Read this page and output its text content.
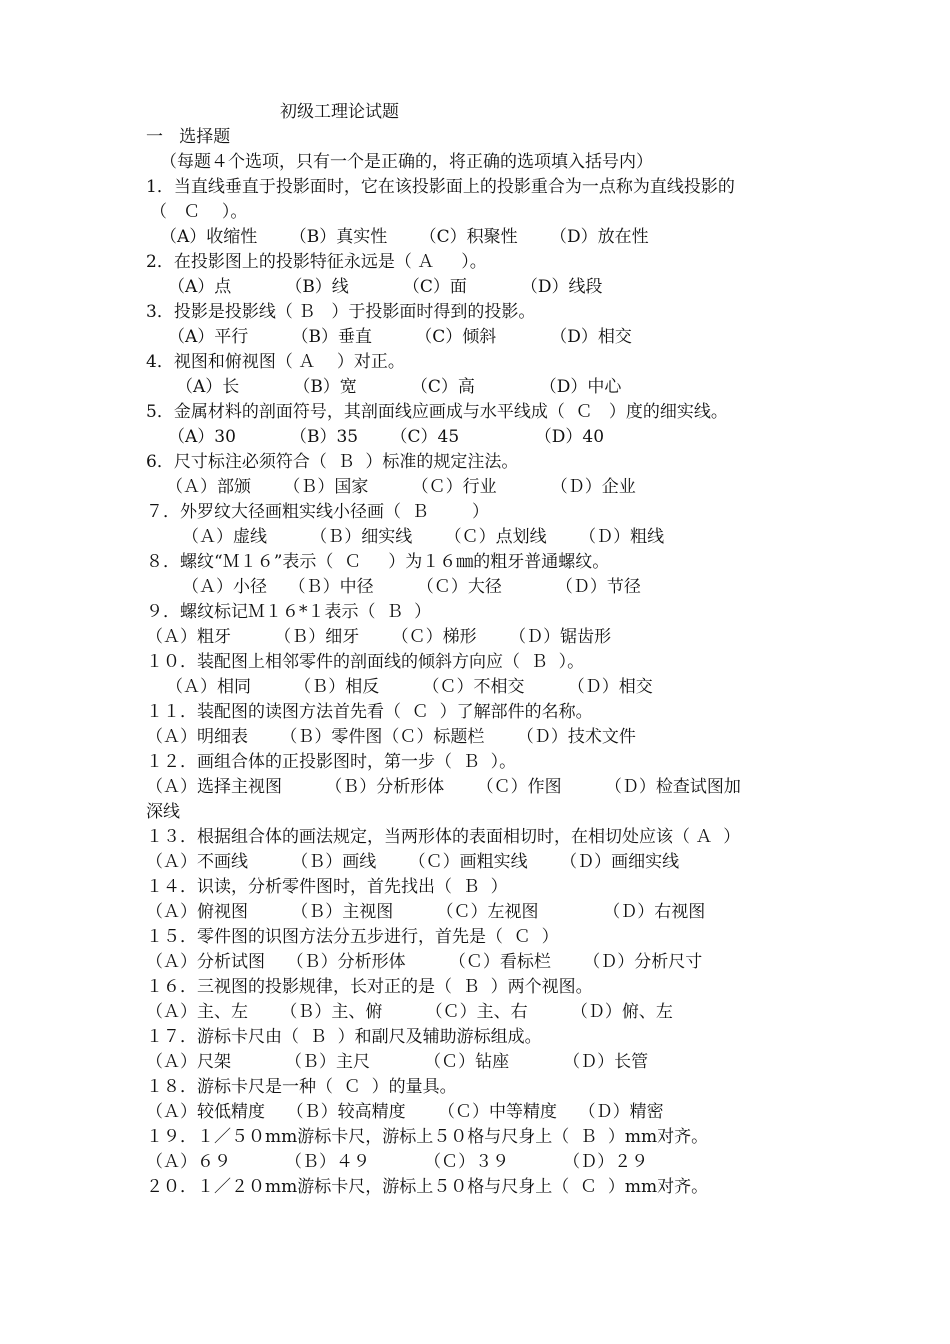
初级工理论试题
一   选择题
（每题４个选项，只有一个是正确的，将正确的选项填入括号内）
1．当直线垂直于投影面时，它在该投影面上的投影重合为一点称为直线投影的
（   Ｃ    ）。
（A）收缩性      （B）真实性      （C）积聚性      （D）放在性
2．在投影图上的投影特征永远是（ Ａ     ）。
（A）点          （B）线          （C）面          （D）线段
3．投影是投影线（ Ｂ   ）于投影面时得到的投影。
（A）平行        （B）垂直        （C）倾斜          （D）相交
4．视图和俯视图（ Ａ    ）对正。
（A）长          （B）宽          （C）高            （D）中心
5．金属材料的剖面符号，其剖面线应画成与水平线成（  Ｃ   ）度的细实线。
（A）30          （B）35      （C）45              （D）40
6．尺寸标注必须符合（  Ｂ  ）标准的规定注法。
（Ａ）部颁      （Ｂ）国家        （Ｃ）行业          （Ｄ）企业
７．外罗纹大径画粗实线小径画（  Ｂ        ）
（Ａ）虚线        （Ｂ）细实线      （Ｃ）点划线      （Ｄ）粗线
８．螺纹“Ｍ１６”表示（  Ｃ     ）为１６㎜的粗牙普通螺纹。
（Ａ）小径    （Ｂ）中径        （Ｃ）大径          （Ｄ）节径
９．螺纹标记Ｍ１６*１表示（  Ｂ  ）
（Ａ）粗牙        （Ｂ）细牙      （Ｃ）梯形      （Ｄ）锯齿形
１０．装配图上相邻零件的剖面线的倾斜方向应（  Ｂ  ）。
（Ａ）相同        （Ｂ）相反        （Ｃ）不相交        （Ｄ）相交
１１．装配图的读图方法首先看（  Ｃ  ）了解部件的名称。
（Ａ）明细表      （Ｂ）零件图（Ｃ）标题栏      （Ｄ）技术文件
１２．画组合体的正投影图时，第一步（  Ｂ  ）。
（Ａ）选择主视图        （Ｂ）分析形体      （Ｃ）作图        （Ｄ）检查试图加
深线
１３．根据组合体的画法规定，当两形体的表面相切时，在相切处应该（ Ａ  ）
（Ａ）不画线        （Ｂ）画线      （Ｃ）画粗实线      （Ｄ）画细实线
１４．识读，分析零件图时，首先找出（  Ｂ  ）
（Ａ）俯视图        （Ｂ）主视图        （Ｃ）左视图            （Ｄ）右视图
１５．零件图的识图方法分五步进行，首先是（  Ｃ  ）
（Ａ）分析试图    （Ｂ）分析形体        （Ｃ）看标栏      （Ｄ）分析尺寸
１６．三视图的投影规律，长对正的是（  Ｂ  ）两个视图。
（Ａ）主、左      （Ｂ）主、俯        （Ｃ）主、右        （Ｄ）俯、左
１７．游标卡尺由（  Ｂ  ）和副尺及辅助游标组成。
（Ａ）尺架          （Ｂ）主尺          （Ｃ）钻座          （Ｄ）长管
１８．游标卡尺是一种（  Ｃ  ）的量具。
（Ａ）较低精度    （Ｂ）较高精度      （Ｃ）中等精度    （Ｄ）精密
１９．１／５０mm游标卡尺，游标上５０格与尺身上（  Ｂ  ）mm对齐。
（Ａ）６９          （Ｂ）４９          （Ｃ）３９          （Ｄ）２９
２０．１／２０mm游标卡尺，游标上５０格与尺身上（  Ｃ  ）mm对齐。
